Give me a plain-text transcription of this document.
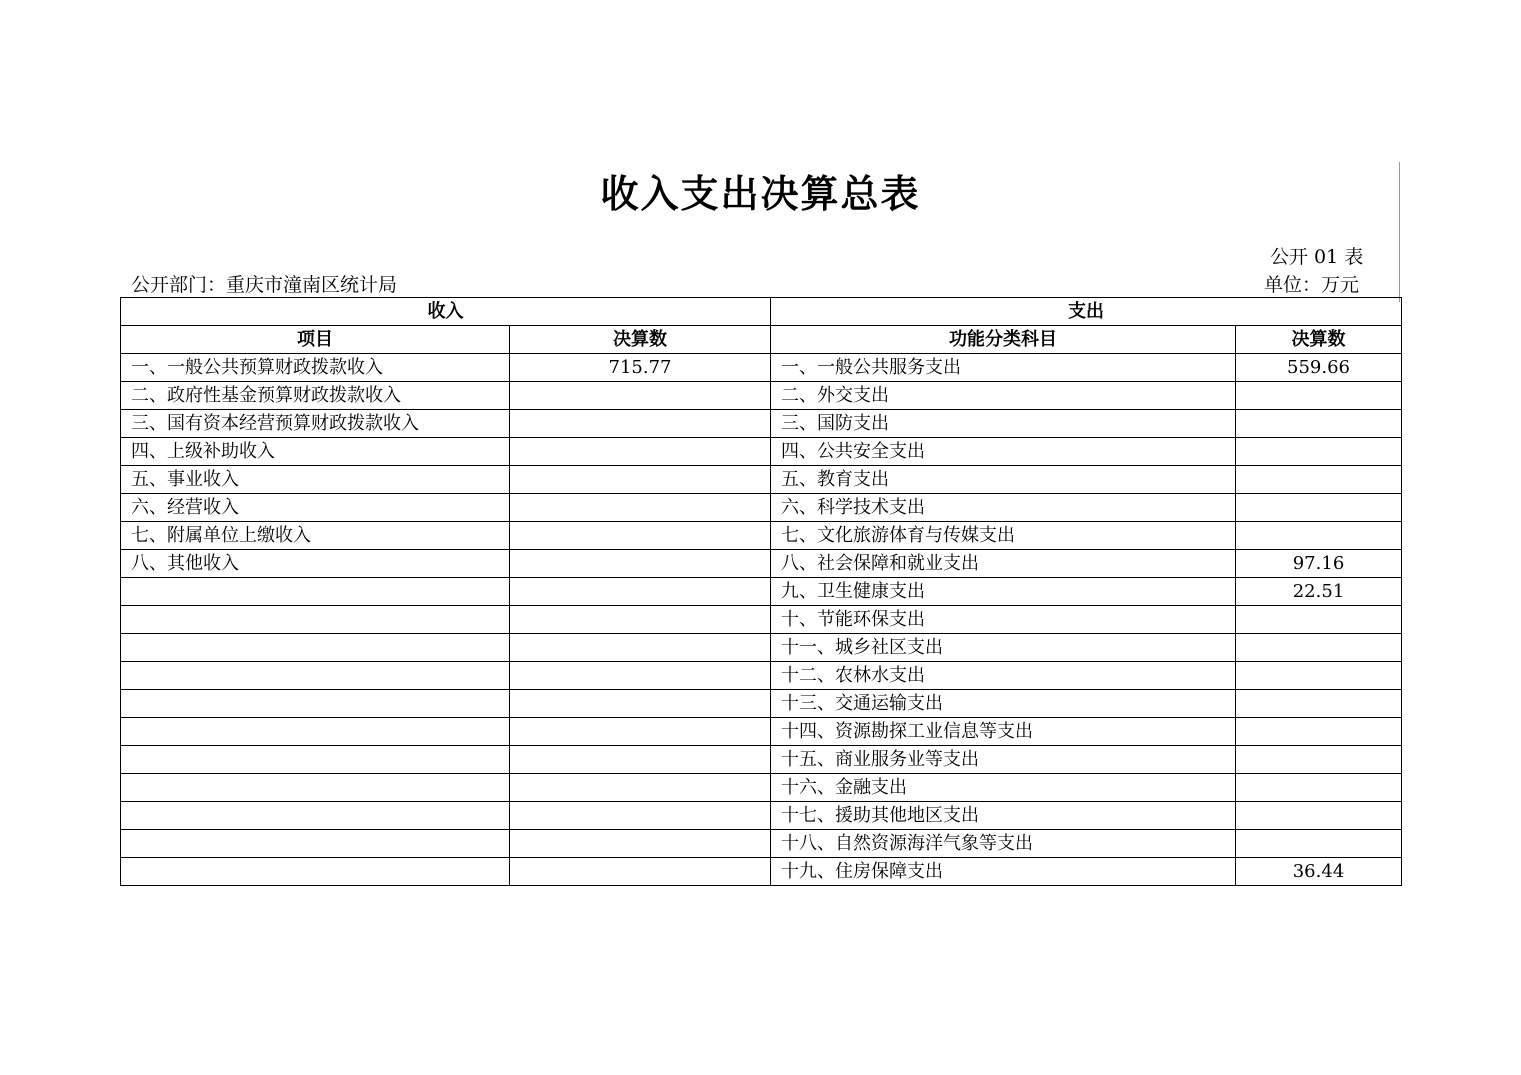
收入支出决算总表
公开 01 表
公开部门：重庆市潼南区统计局	单位：万元
收入		支出	
项目	决算数	功能分类科目	决算数
一、一般公共预算财政拨款收入	715.77	一、一般公共服务支出	559.66
二、政府性基金预算财政拨款收入		二、外交支出	
三、国有资本经营预算财政拨款收入		三、国防支出	
四、上级补助收入		四、公共安全支出	
五、事业收入		五、教育支出	
六、经营收入		六、科学技术支出	
七、附属单位上缴收入		七、文化旅游体育与传媒支出	
八、其他收入		八、社会保障和就业支出	97.16
		九、卫生健康支出	22.51
		十、节能环保支出	
		十一、城乡社区支出	
		十二、农林水支出	
		十三、交通运输支出	
		十四、资源勘探工业信息等支出	
		十五、商业服务业等支出	
		十六、金融支出	
		十七、援助其他地区支出	
		十八、自然资源海洋气象等支出	
		十九、住房保障支出	36.44
